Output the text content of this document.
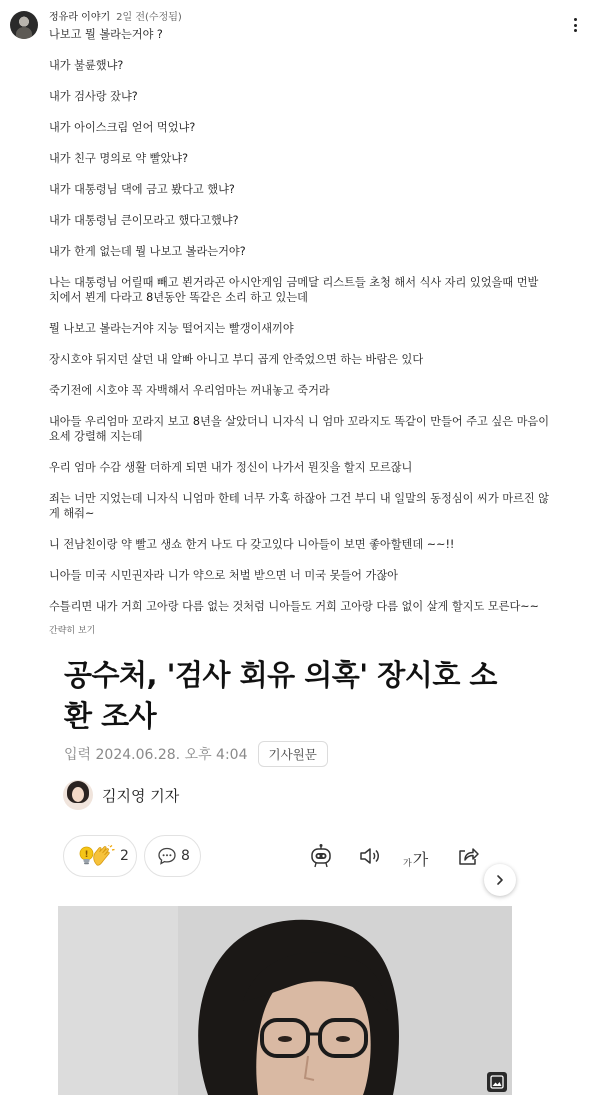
정유라 이야기 2일 전(수정됨)
나보고 뭘 볼라는거야 ?
내가 불륜했냐?
내가 검사랑 잤냐?
내가 아이스크림 얻어 먹었냐?
내가 친구 명의로 약 빨았냐?
내가 대통령님 댁에 금고 봤다고 했냐?
내가 대통령님 큰이모라고 했다고했냐?
내가 한게 없는데 뭘 나보고 볼라는거야?
나는 대통령님 어릴때 빼고 뵌거라곤 아시안게임 금메달 리스트들 초청 해서 식사 자리 있었을때 먼발
치에서 뵌게 다라고 8년동안 똑같은 소리 하고 있는데
뭘 나보고 볼라는거야 지능 떨어지는 빨갱이새끼야
장시호야 뒤지던 살던 내 알빠 아니고 부디 곱게 안죽었으면 하는 바람은 있다
죽기전에 시호야 꼭 자백해서 우리엄마는 꺼내놓고 죽거라
내아들 우리엄마 꼬라지 보고 8년을 살았더니 니자식 니 엄마 꼬라지도 똑같이 만들어 주고 싶은 마음이
요세 강렬해 지는데
우리 엄마 수감 생활 더하게 되면 내가 정신이 나가서 뭔짓을 할지 모르잖니
죄는 너만 지었는데 니자식 니엄마 한테 너무 가혹 하잖아 그건 부디 내 일말의 동정심이 씨가 마르진 않
게 해줘~
니 전남친이랑 약 빨고 생쇼 한거 나도 다 갖고있다 니아들이 보면 좋아할텐데 ~~!!
니아들 미국 시민권자라 니가 약으로 처벌 받으면 너 미국 못들어 가잖아
수틀리면 내가 거희 고아랑 다름 없는 것처럼 니아들도 거희 고아랑 다름 없이 살게 할지도 모른다~~
간략히 보기
공수처, '검사 회유 의혹' 장시호 소환 조사
입력 2024.06.28. 오후 4:04	기사원문
김지영 기자
! 2	8	가 가
